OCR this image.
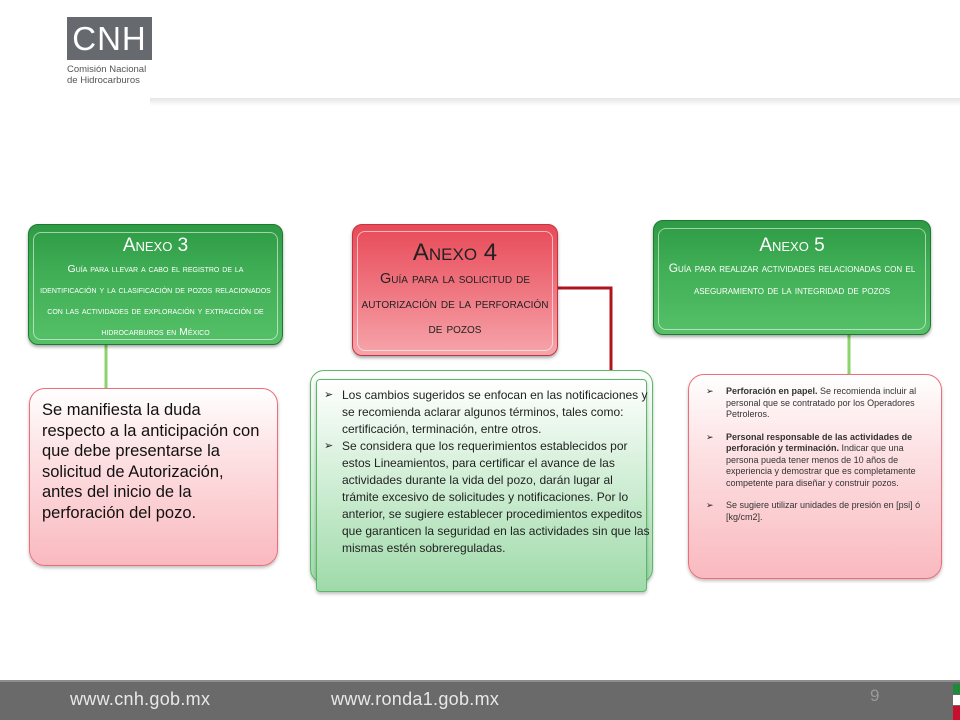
CNH
Comisión Nacional
de Hidrocarburos
Anexo 3
Guía para llevar a cabo el registro de la identificación y la clasificación de pozos relacionados con las actividades de exploración y extracción de hidrocarburos en México
Anexo 4
Guía para la solicitud de autorización de la perforación de pozos
Anexo 5
Guía para realizar actividades relacionadas con el aseguramiento de la integridad de pozos
Se manifiesta la duda respecto a la anticipación con que debe presentarse la solicitud de Autorización, antes del inicio de la perforación del pozo.
➢ Los cambios sugeridos se enfocan en las notificaciones y se recomienda aclarar algunos términos, tales como: certificación, terminación, entre otros.
➢ Se considera que los requerimientos establecidos por estos Lineamientos, para certificar el avance de las actividades durante la vida del pozo, darán lugar al trámite excesivo de solicitudes y notificaciones. Por lo anterior, se sugiere establecer procedimientos expeditos que garanticen la seguridad en las actividades sin que las mismas estén sobrereguladas.
➢ Perforación en papel. Se recomienda incluir al personal que se contratado por los Operadores Petroleros.
➢ Personal responsable de las actividades de perforación y terminación. Indicar que una persona pueda tener menos de 10 años de experiencia y demostrar que es completamente competente para diseñar y construir pozos.
➢ Se sugiere utilizar unidades de presión en [psi] ó [kg/cm2].
www.cnh.gob.mx	www.ronda1.gob.mx	9
